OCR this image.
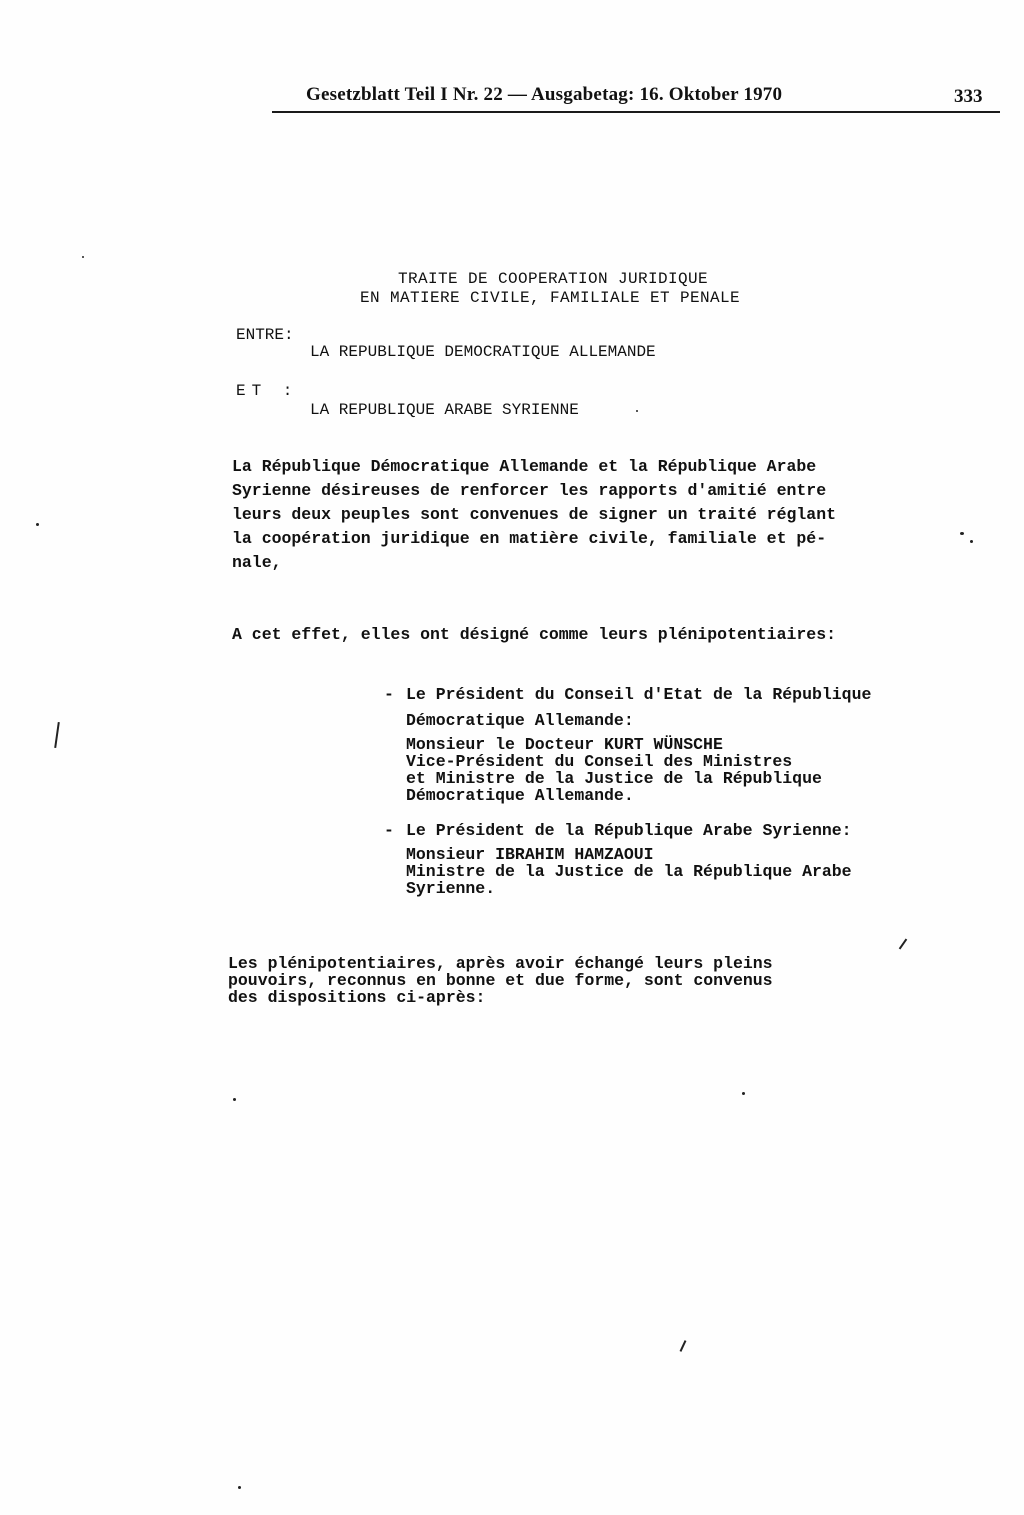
Gesetzblatt Teil I Nr. 22 — Ausgabetag: 16. Oktober 1970	333
TRAITE DE COOPERATION JURIDIQUE
EN MATIERE CIVILE, FAMILIALE ET PENALE
ENTRE:
LA REPUBLIQUE DEMOCRATIQUE ALLEMANDE
ET :
LA REPUBLIQUE ARABE SYRIENNE
La République Démocratique Allemande et la République Arabe
Syrienne désireuses de renforcer les rapports d'amitié entre
leurs deux peuples sont convenues de signer un traité réglant
la coopération juridique en matière civile, familiale et pé-
nale,
A cet effet, elles ont désigné comme leurs plénipotentiaires:
- Le Président du Conseil d'Etat de la République
Démocratique Allemande:
Monsieur le Docteur KURT WÜNSCHE
Vice-Président du Conseil des Ministres
et Ministre de la Justice de la République
Démocratique Allemande.
- Le Président de la République Arabe Syrienne:
Monsieur IBRAHIM HAMZAOUI
Ministre de la Justice de la République Arabe
Syrienne.
Les plénipotentiaires, après avoir échangé leurs pleins
pouvoirs, reconnus en bonne et due forme, sont convenus
des dispositions ci-après:
